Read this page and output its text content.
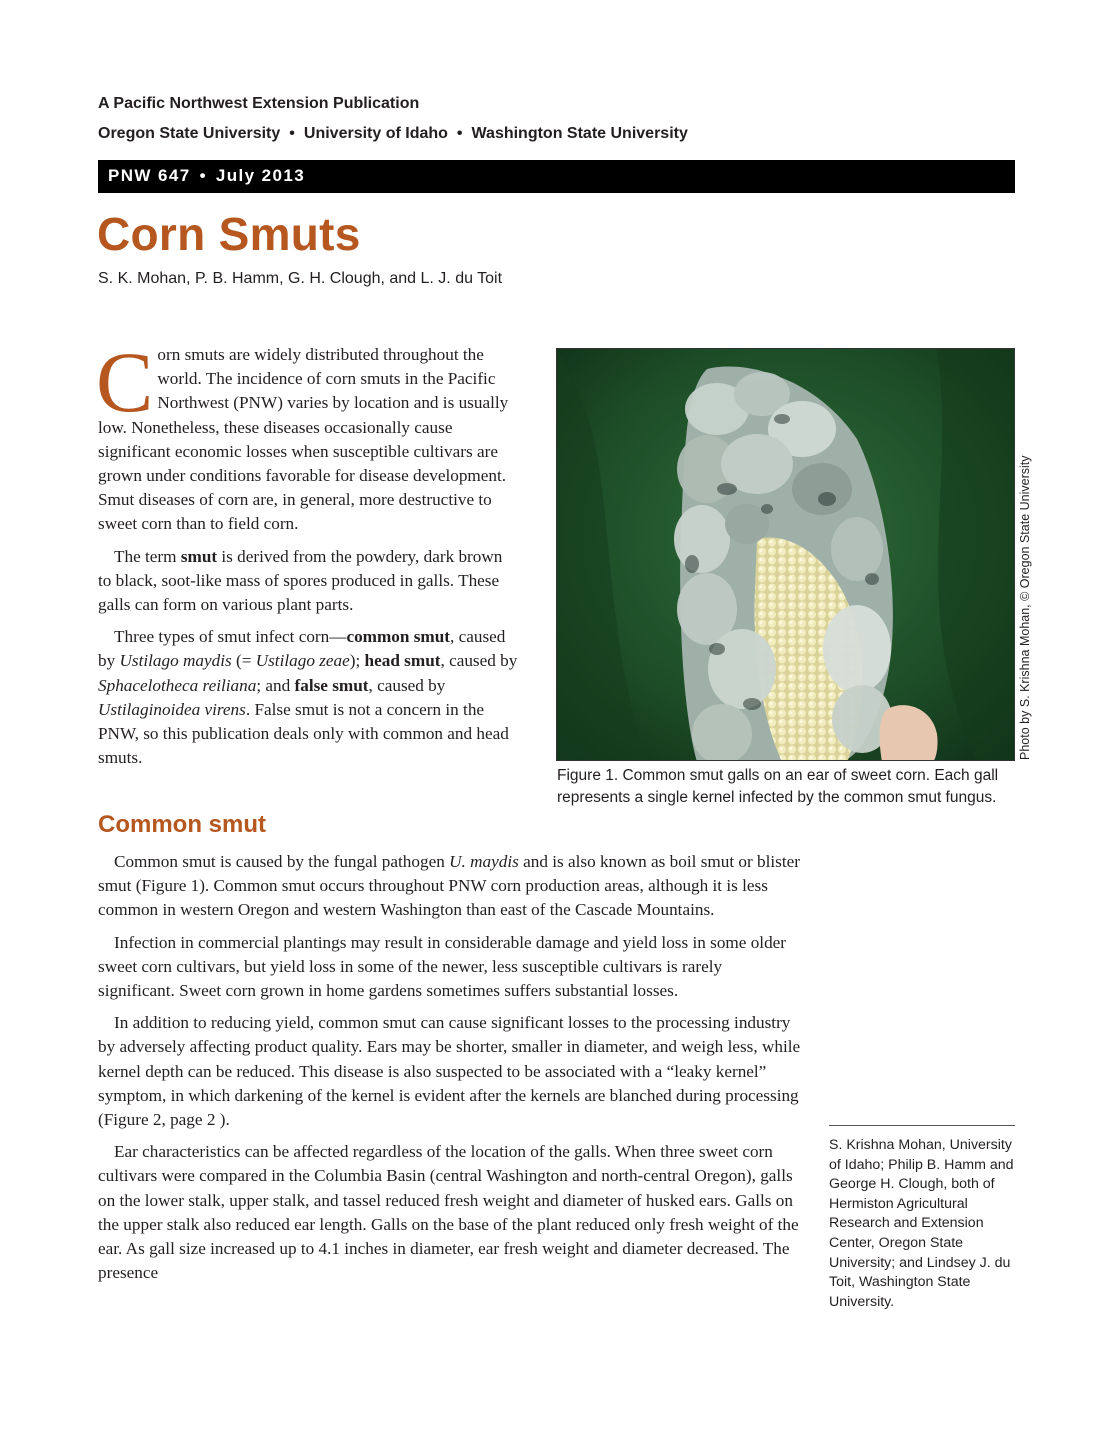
A Pacific Northwest Extension Publication
Oregon State University • University of Idaho • Washington State University
PNW 647 • July 2013
Corn Smuts
S. K. Mohan, P. B. Hamm, G. H. Clough, and L. J. du Toit

Corn smuts are widely distributed throughout the world. The incidence of corn smuts in the Pacific Northwest (PNW) varies by location and is usually low. Nonetheless, these diseases occasionally cause significant economic losses when susceptible cultivars are grown under conditions favorable for disease development. Smut diseases of corn are, in general, more destructive to sweet corn than to field corn.

The term smut is derived from the powdery, dark brown to black, soot-like mass of spores produced in galls. These galls can form on various plant parts.

Three types of smut infect corn—common smut, caused by Ustilago maydis (= Ustilago zeae); head smut, caused by Sphacelotheca reiliana; and false smut, caused by Ustilaginoidea virens. False smut is not a concern in the PNW, so this publication deals only with common and head smuts.	Photo by S. Krishna Mohan, © Oregon State University
Figure 1. Common smut galls on an ear of sweet corn. Each gall represents a single kernel infected by the common smut fungus.
Common smut

Common smut is caused by the fungal pathogen U. maydis and is also known as boil smut or blister smut (Figure 1). Common smut occurs throughout PNW corn production areas, although it is less common in western Oregon and western Washington than east of the Cascade Mountains.

Infection in commercial plantings may result in considerable damage and yield loss in some older sweet corn cultivars, but yield loss in some of the newer, less susceptible cultivars is rarely significant. Sweet corn grown in home gardens sometimes suffers substantial losses.

In addition to reducing yield, common smut can cause significant losses to the processing industry by adversely affecting product quality. Ears may be shorter, smaller in diameter, and weigh less, while kernel depth can be reduced. This disease is also suspected to be associated with a “leaky kernel” symptom, in which darkening of the kernel is evident after the kernels are blanched during processing (Figure 2, page 2 ).

Ear characteristics can be affected regardless of the location of the galls. When three sweet corn cultivars were compared in the Columbia Basin (central Washington and north-central Oregon), galls on the lower stalk, upper stalk, and tassel reduced fresh weight and diameter of husked ears. Galls on the upper stalk also reduced ear length. Galls on the base of the plant reduced only fresh weight of the ear. As gall size increased up to 4.1 inches in diameter, ear fresh weight and diameter decreased. The presence

S. Krishna Mohan, University of Idaho; Philip B. Hamm and George H. Clough, both of Hermiston Agricultural Research and Extension Center, Oregon State University; and Lindsey J. du Toit, Washington State University.
